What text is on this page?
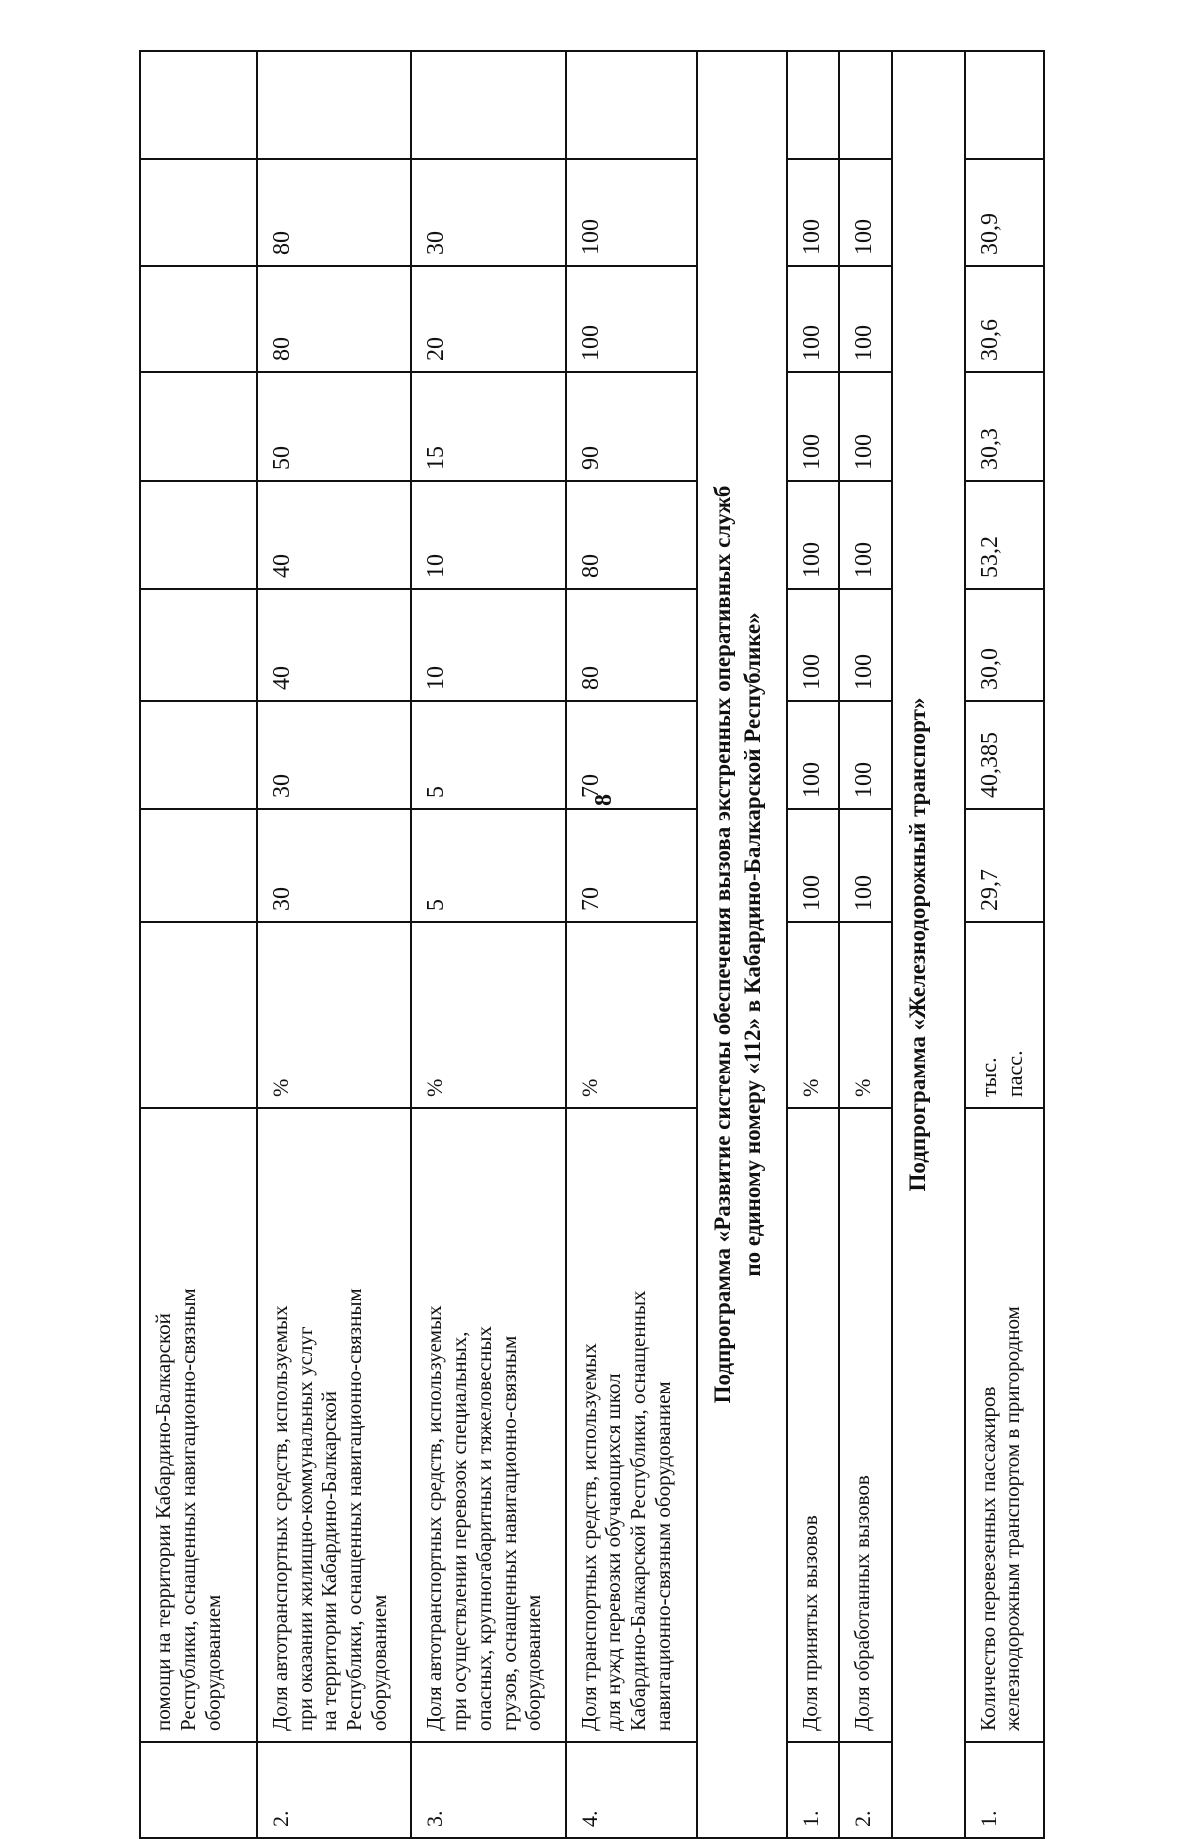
8

	помощи на территории Кабардино-Балкарской Республики, оснащенных навигационно-связным оборудованием									

2.	Доля автотранспортных средств, используемых при оказании жилищно-коммунальных услуг на территории Кабардино-Балкарской Республики, оснащенных навигационно-связным оборудованием	%	30	30	40	40	50	80	80	
3.	Доля автотранспортных средств, используемых при осуществлении перевозок специальных, опасных, крупногабаритных и тяжеловесных грузов, оснащенных навигационно-связным оборудованием	%	5	5	10	10	15	20	30	
4.	Доля транспортных средств, используемых для нужд перевозки обучающихся школ Кабардино-Балкарской Республики, оснащенных навигационно-связным оборудованием	%	70	70	80	80	90	100	100	

Подпрограмма «Развитие системы обеспечения вызова экстренных оперативных служб по единому номеру «112» в Кабардино-Балкарской Республике»										

1.	Доля принятых вызовов	%	100	100	100	100	100	100	100	
2.	Доля обработанных вызовов	%	100	100	100	100	100	100	100	

Подпрограмма «Железнодорожный транспорт»										

1.	Количество перевезенных пассажиров железнодорожным транспортом в пригородном	тыс. пасс.	29,7	40,385	30,0	53,2	30,3	30,6	30,9	
